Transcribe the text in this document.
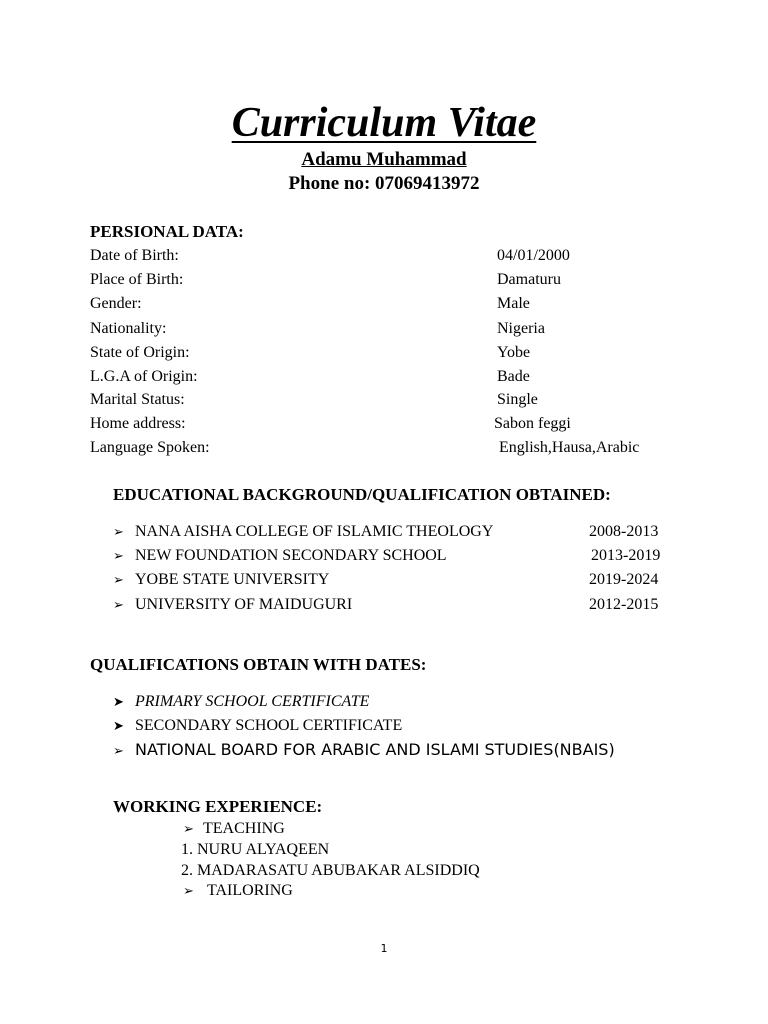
Curriculum Vitae
Adamu Muhammad
Phone no: 07069413972
PERSIONAL DATA:
Date of Birth:	04/01/2000
Place of Birth:	Damaturu
Gender:	Male
Nationality:	Nigeria
State of Origin:	Yobe
L.G.A of Origin:	Bade
Marital Status:	Single
Home address:	Sabon feggi
Language Spoken:	English,Hausa,Arabic
EDUCATIONAL BACKGROUND/QUALIFICATION OBTAINED:
➢ NANA AISHA COLLEGE OF ISLAMIC THEOLOGY	2008-2013
➢ NEW FOUNDATION SECONDARY SCHOOL	2013-2019
➢ YOBE STATE UNIVERSITY	2019-2024
➢ UNIVERSITY OF MAIDUGURI	2012-2015
QUALIFICATIONS OBTAIN WITH DATES:
➤ PRIMARY SCHOOL CERTIFICATE
➤ SECONDARY SCHOOL CERTIFICATE
➢ NATIONAL BOARD FOR ARABIC AND ISLAMI STUDIES(NBAIS)
WORKING EXPERIENCE:
➢ TEACHING
1. NURU ALYAQEEN
2. MADARASATU ABUBAKAR ALSIDDIQ
➢ TAILORING
1
